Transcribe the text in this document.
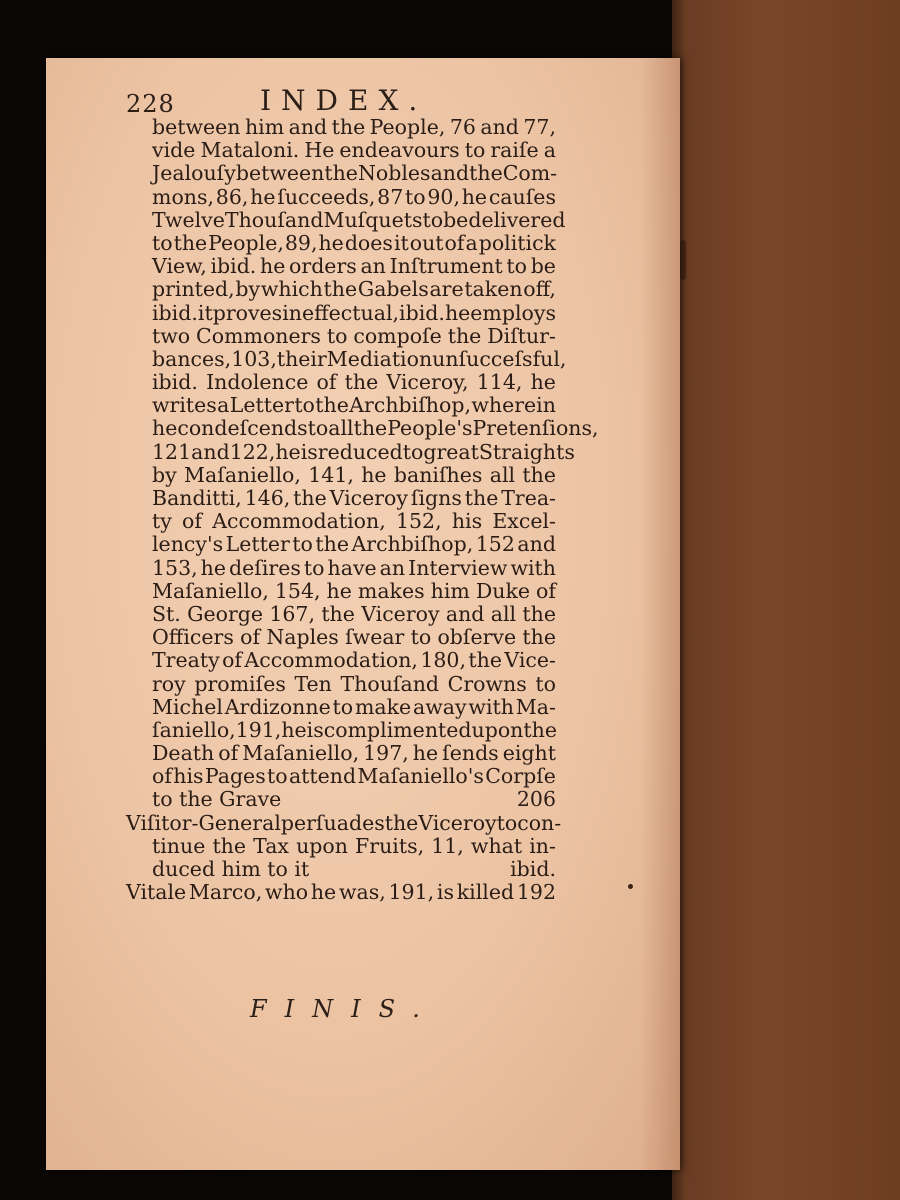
228	INDEX.
between him and the People, 76 and 77,
vide Mataloni. He endeavours to raiſe a
Jealouſy between the Nobles and the Com-
mons, 86, he ſucceeds, 87 to 90, he cauſes
Twelve Thouſand Muſquets to be delivered
to the People, 89, he does it out of a politick
View, ibid. he orders an Inſtrument to be
printed, by which the Gabels are taken off,
ibid. it proves ineffectual, ibid. he employs
two Commoners to compoſe the Diſtur-
bances, 103, their Mediation unſucceſsful,
ibid. Indolence of the Viceroy, 114, he
writes a Letter to the Archbiſhop, wherein
he condeſcends to all the People's Pretenſions,
121 and 122, he is reduced to great Straights
by Maſaniello, 141, he baniſhes all the
Banditti, 146, the Viceroy ſigns the Trea-
ty of Accommodation, 152, his Excel-
lency's Letter to the Archbiſhop, 152 and
153, he deſires to have an Interview with
Maſaniello, 154, he makes him Duke of
St. George 167, the Viceroy and all the
Officers of Naples ſwear to obſerve the
Treaty of Accommodation, 180, the Vice-
roy promiſes Ten Thouſand Crowns to
Michel Ardizonne to make away with Ma-
ſaniello, 191, he is complimented upon the
Death of Maſaniello, 197, he ſends eight
of his Pages to attend Maſaniello's Corpſe
to the Grave	206
Viſitor-General perſuades the Viceroy to con-
tinue the Tax upon Fruits, 11, what in-
duced him to it	ibid.
Vitale Marco, who he was, 191, is killed 192
FINIS.
